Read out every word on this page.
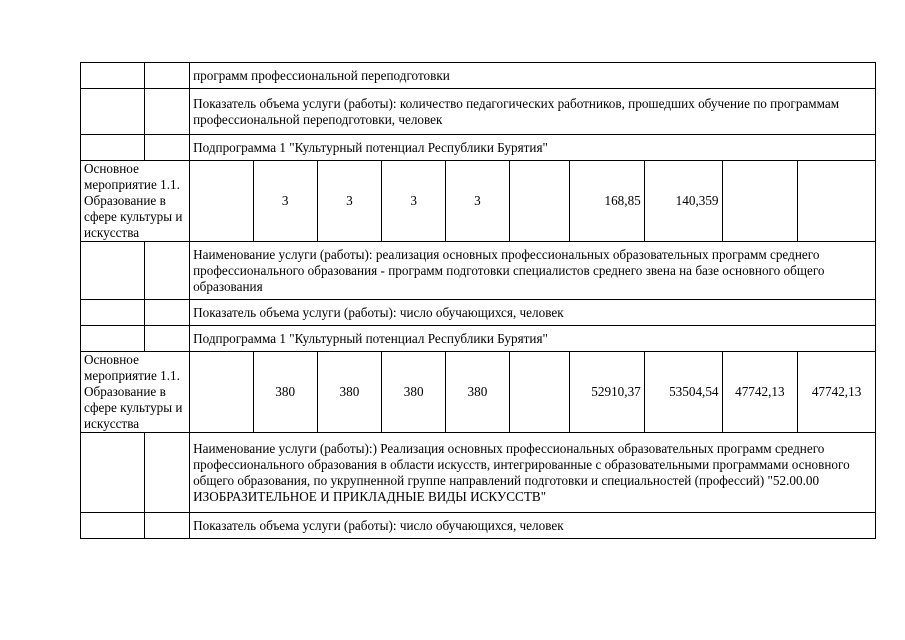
		программ профессиональной переподготовки									
		Показатель объема услуги (работы): количество педагогических работников, прошедших обучение по программам профессиональной переподготовки, человек									
		Подпрограмма 1 "Культурный потенциал Республики Бурятия"									
Основное мероприятие 1.1. Образование в сфере культуры и искусства			3	3	3	3		168,85	140,359		
		Наименование услуги (работы): реализация основных профессиональных образовательных программ среднего профессионального образования - программ подготовки специалистов среднего звена на базе основного общего образования									
		Показатель объема услуги (работы): число обучающихся, человек									
		Подпрограмма 1 "Культурный потенциал Республики Бурятия"									
Основное мероприятие 1.1. Образование в сфере культуры и искусства			380	380	380	380		52910,37	53504,54	47742,13	47742,13
		Наименование услуги (работы):) Реализация основных профессиональных образовательных программ среднего профессионального образования в области искусств, интегрированные с образовательными программами основного общего образования, по укрупненной группе направлений подготовки и специальностей (профессий) "52.00.00 ИЗОБРАЗИТЕЛЬНОЕ И ПРИКЛАДНЫЕ ВИДЫ ИСКУССТВ"									
		Показатель объема услуги (работы): число обучающихся, человек									
